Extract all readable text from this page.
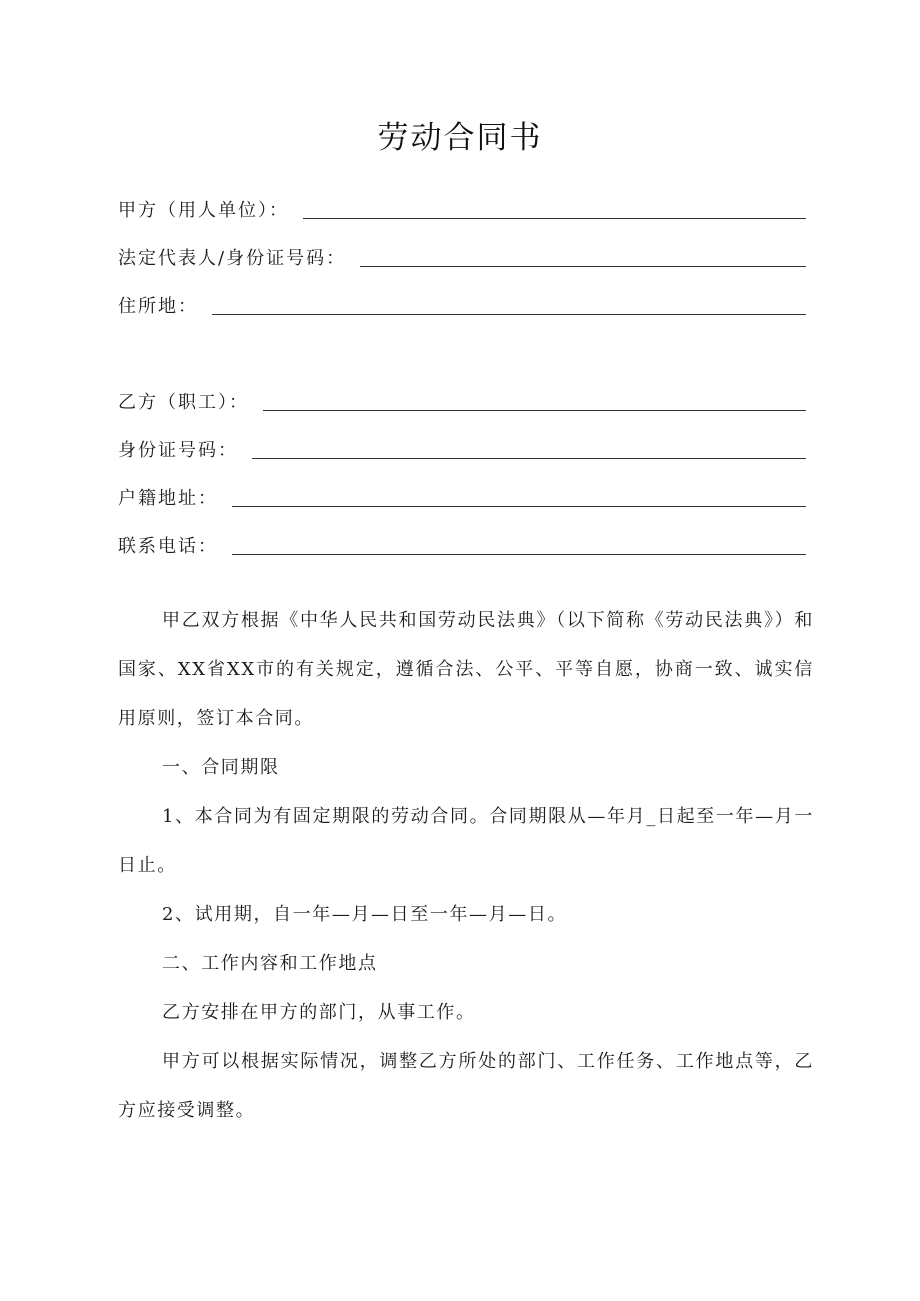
劳动合同书
甲方（用人单位）：
法定代表人/身份证号码：
住所地：
乙方（职工）：
身份证号码：
户籍地址：
联系电话：
甲乙双方根据《中华人民共和国劳动民法典》（以下简称《劳动民法典》）和国家、XX省XX市的有关规定，遵循合法、公平、平等自愿，协商一致、诚实信用原则，签订本合同。
一、合同期限
1、本合同为有固定期限的劳动合同。合同期限从—年月_日起至一年—月一日止。
2、试用期，自一年—月—日至一年—月—日。
二、工作内容和工作地点
乙方安排在甲方的部门，从事工作。
甲方可以根据实际情况，调整乙方所处的部门、工作任务、工作地点等，乙方应接受调整。
